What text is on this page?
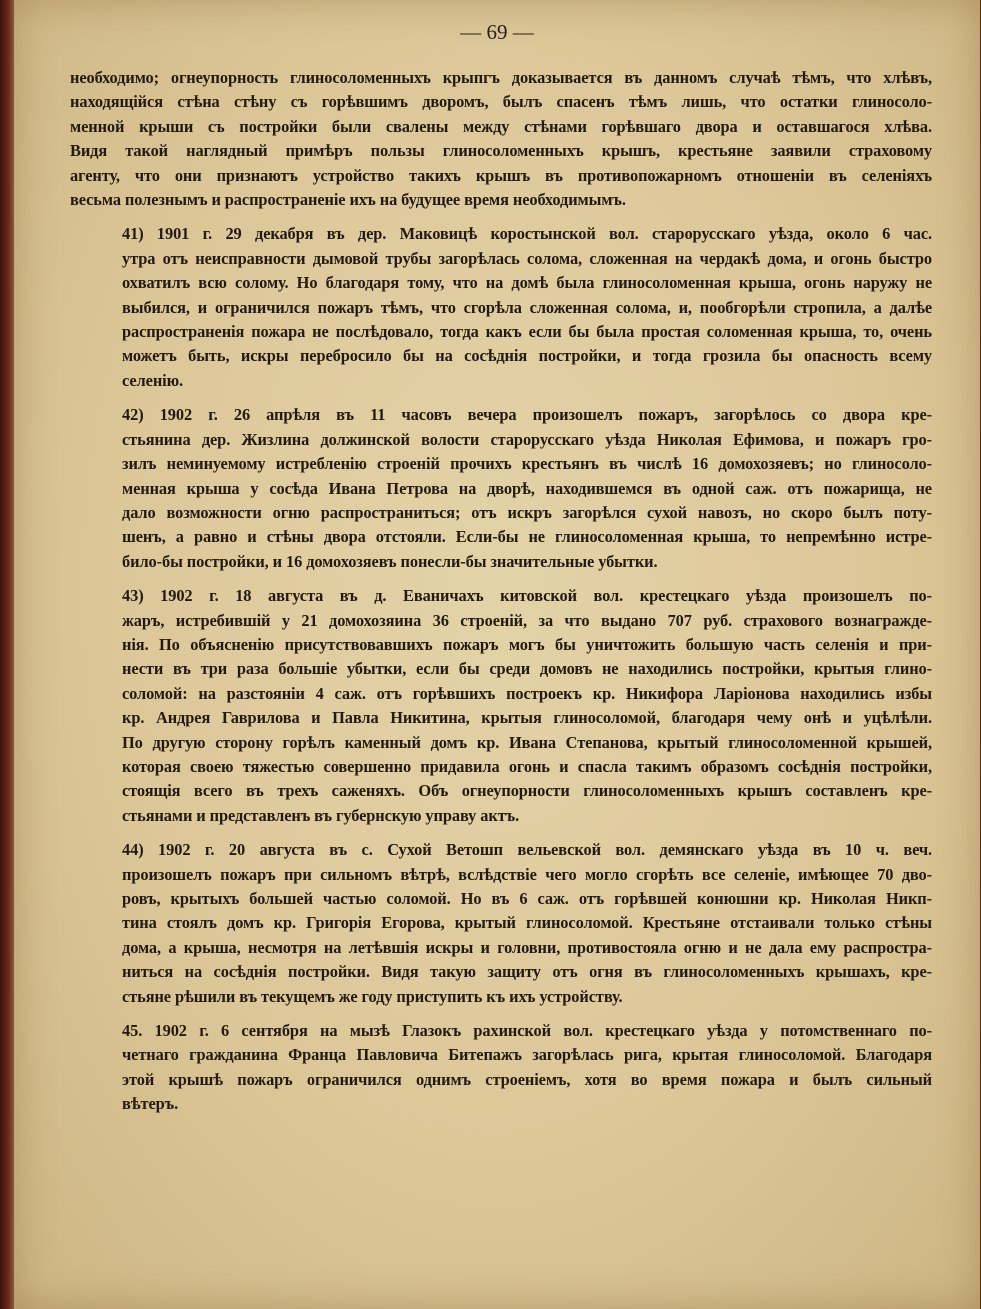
— 69 —

необходимо; огнеупорность глиносоломенныхъ крыпгъ доказывается въ данномъ случаѣ тѣмъ, что хлѣвъ,
находящійся стѣна стѣну съ горѣвшимъ дворомъ, былъ спасенъ тѣмъ лишь, что остатки глиносоло-
менной крыши съ постройки были свалены между стѣнами горѣвшаго двора и оставшагося хлѣва.
Видя такой наглядный примѣръ пользы глиносоломенныхъ крышъ, крестьяне заявили страховому
агенту, что они признаютъ устройство такихъ крышъ въ противопожарномъ отношеніи въ селеніяхъ
весьма полезнымъ и распространеніе ихъ на будущее время необходимымъ.

41) 1901 г. 29 декабря въ дер. Маковицѣ коростынской вол. старорусскаго уѣзда, около 6 час.
утра отъ неисправности дымовой трубы загорѣлась солома, сложенная на чердакѣ дома, и огонь быстро
охватилъ всю солому. Но благодаря тому, что на домѣ была глиносоломенная крыша, огонь наружу не
выбился, и ограничился пожаръ тѣмъ, что сгорѣла сложенная солома, и, пообгорѣли стропила, а далѣе
распространенія пожара не послѣдовало, тогда какъ если бы была простая соломенная крыша, то, очень
можетъ быть, искры перебросило бы на сосѣднія постройки, и тогда грозила бы опасность всему
селенію.

42) 1902 г. 26 апрѣля въ 11 часовъ вечера произошелъ пожаръ, загорѣлось со двора кре-
стьянина дер. Жизлина должинской волости старорусскаго уѣзда Николая Ефимова, и пожаръ гро-
зилъ неминуемому истребленію строеній прочихъ крестьянъ въ числѣ 16 домохозяевъ; но глиносоло-
менная крыша у сосѣда Ивана Петрова на дворѣ, находившемся въ одной саж. отъ пожарища, не
дало возможности огню распространиться; отъ искръ загорѣлся сухой навозъ, но скоро былъ поту-
шенъ, а равно и стѣны двора отстояли. Если-бы не глиносоломенная крыша, то непремѣнно истре-
било-бы постройки, и 16 домохозяевъ понесли-бы значительные убытки.

43) 1902 г. 18 августа въ д. Еваничахъ китовской вол. крестецкаго уѣзда произошелъ по-
жаръ, истребившій у 21 домохозяина 36 строеній, за что выдано 707 руб. страхового вознагражде-
нія. По объясненію присутствовавшихъ пожаръ могъ бы уничтожить большую часть селенія и при-
нести въ три раза большіе убытки, если бы среди домовъ не находились постройки, крытыя глино-
соломой: на разстояніи 4 саж. отъ горѣвшихъ построекъ кр. Никифора Ларіонова находились избы
кр. Андрея Гаврилова и Павла Никитина, крытыя глиносоломой, благодаря чему онѣ и уцѣлѣли.
По другую сторону горѣлъ каменный домъ кр. Ивана Степанова, крытый глиносоломенной крышей,
которая своею тяжестью совершенно придавила огонь и спасла такимъ образомъ сосѣднія постройки,
стоящія всего въ трехъ саженяхъ. Объ огнеупорности глиносоломенныхъ крышъ составленъ кре-
стьянами и представленъ въ губернскую управу актъ.

44) 1902 г. 20 августа въ с. Сухой Ветошп вельевской вол. демянскаго уѣзда въ 10 ч. веч.
произошелъ пожаръ при сильномъ вѣтрѣ, вслѣдствіе чего могло сгорѣть все селеніе, имѣющее 70 дво-
ровъ, крытыхъ большей частью соломой. Но въ 6 саж. отъ горѣвшей конюшни кр. Николая Никп-
тина стоялъ домъ кр. Григорія Егорова, крытый глиносоломой. Крестьяне отстаивали только стѣны
дома, а крыша, несмотря на летѣвшія искры и головни, противостояла огню и не дала ему распростра-
ниться на сосѣднія постройки. Видя такую защиту отъ огня въ глиносоломенныхъ крышахъ, кре-
стьяне рѣшили въ текущемъ же году приступить къ ихъ устройству.

45. 1902 г. 6 сентября на мызѣ Глазокъ рахинской вол. крестецкаго уѣзда у потомственнаго по-
четнаго гражданина Франца Павловича Битепажъ загорѣлась рига, крытая глиносоломой. Благодаря
этой крышѣ пожаръ ограничился однимъ строеніемъ, хотя во время пожара и былъ сильный
вѣтеръ.
